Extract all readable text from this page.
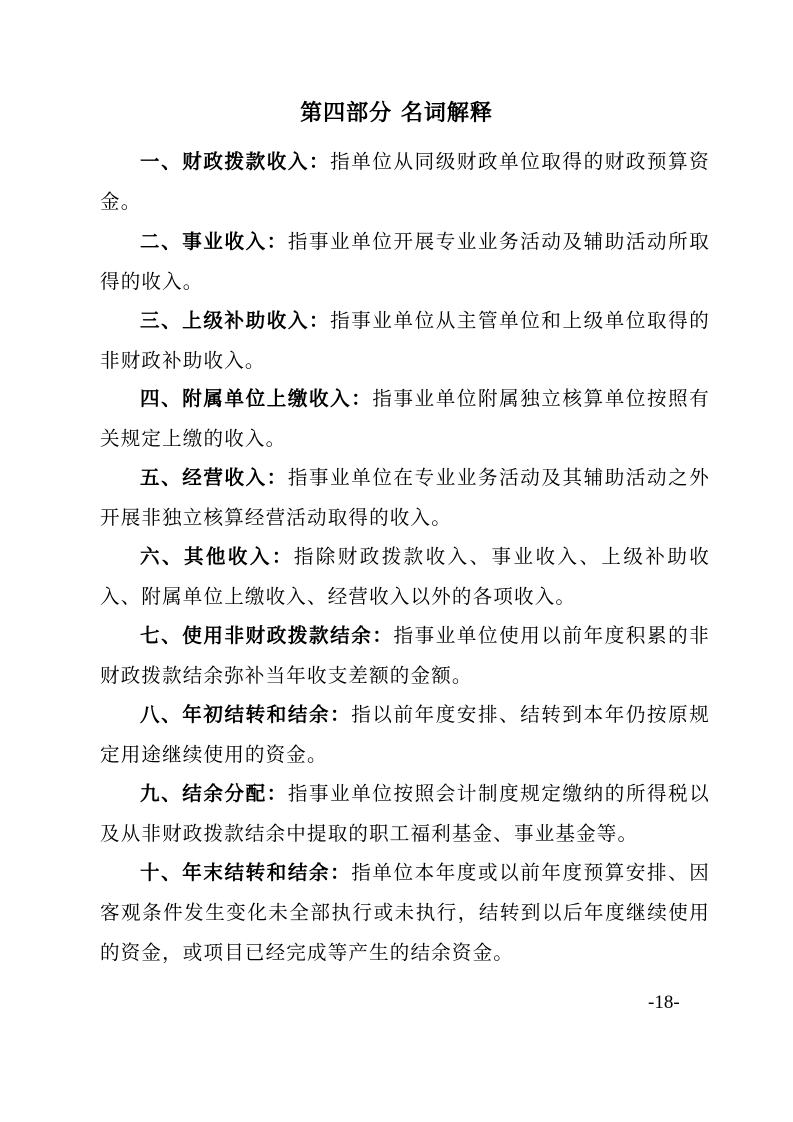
第四部分 名词解释

一、财政拨款收入：指单位从同级财政单位取得的财政预算资金。

二、事业收入：指事业单位开展专业业务活动及辅助活动所取得的收入。

三、上级补助收入：指事业单位从主管单位和上级单位取得的非财政补助收入。

四、附属单位上缴收入：指事业单位附属独立核算单位按照有关规定上缴的收入。

五、经营收入：指事业单位在专业业务活动及其辅助活动之外开展非独立核算经营活动取得的收入。

六、其他收入：指除财政拨款收入、事业收入、上级补助收入、附属单位上缴收入、经营收入以外的各项收入。

七、使用非财政拨款结余：指事业单位使用以前年度积累的非财政拨款结余弥补当年收支差额的金额。

八、年初结转和结余：指以前年度安排、结转到本年仍按原规定用途继续使用的资金。

九、结余分配：指事业单位按照会计制度规定缴纳的所得税以及从非财政拨款结余中提取的职工福利基金、事业基金等。

十、年末结转和结余：指单位本年度或以前年度预算安排、因客观条件发生变化未全部执行或未执行，结转到以后年度继续使用的资金，或项目已经完成等产生的结余资金。

-18-
